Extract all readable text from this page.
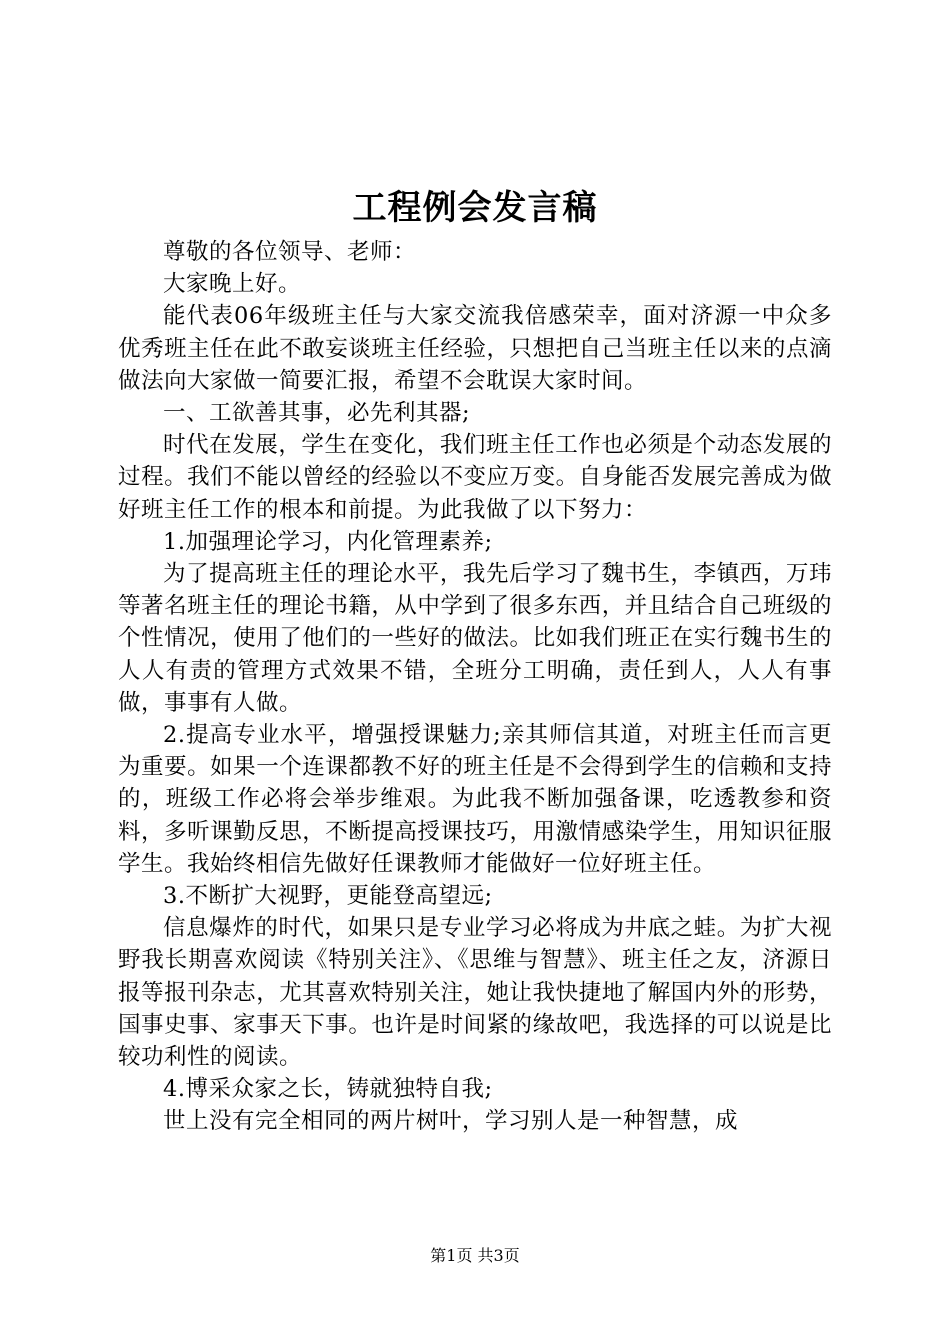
工程例会发言稿

尊敬的各位领导、老师：

大家晚上好。

能代表06年级班主任与大家交流我倍感荣幸，面对济源一中众多优秀班主任在此不敢妄谈班主任经验，只想把自己当班主任以来的点滴做法向大家做一简要汇报，希望不会耽误大家时间。

一、工欲善其事，必先利其器;

时代在发展，学生在变化，我们班主任工作也必须是个动态发展的过程。我们不能以曾经的经验以不变应万变。自身能否发展完善成为做好班主任工作的根本和前提。为此我做了以下努力：

1.加强理论学习，内化管理素养;

为了提高班主任的理论水平，我先后学习了魏书生，李镇西，万玮等著名班主任的理论书籍，从中学到了很多东西，并且结合自己班级的个性情况，使用了他们的一些好的做法。比如我们班正在实行魏书生的人人有责的管理方式效果不错，全班分工明确，责任到人，人人有事做，事事有人做。

2.提高专业水平，增强授课魅力;亲其师信其道，对班主任而言更为重要。如果一个连课都教不好的班主任是不会得到学生的信赖和支持的，班级工作必将会举步维艰。为此我不断加强备课，吃透教参和资料，多听课勤反思，不断提高授课技巧，用激情感染学生，用知识征服学生。我始终相信先做好任课教师才能做好一位好班主任。

3.不断扩大视野，更能登高望远;

信息爆炸的时代，如果只是专业学习必将成为井底之蛙。为扩大视野我长期喜欢阅读《特别关注》、《思维与智慧》、班主任之友，济源日报等报刊杂志，尤其喜欢特别关注，她让我快捷地了解国内外的形势，国事史事、家事天下事。也许是时间紧的缘故吧，我选择的可以说是比较功利性的阅读。

4.博采众家之长，铸就独特自我;

世上没有完全相同的两片树叶，学习别人是一种智慧，成

第1页 共3页
